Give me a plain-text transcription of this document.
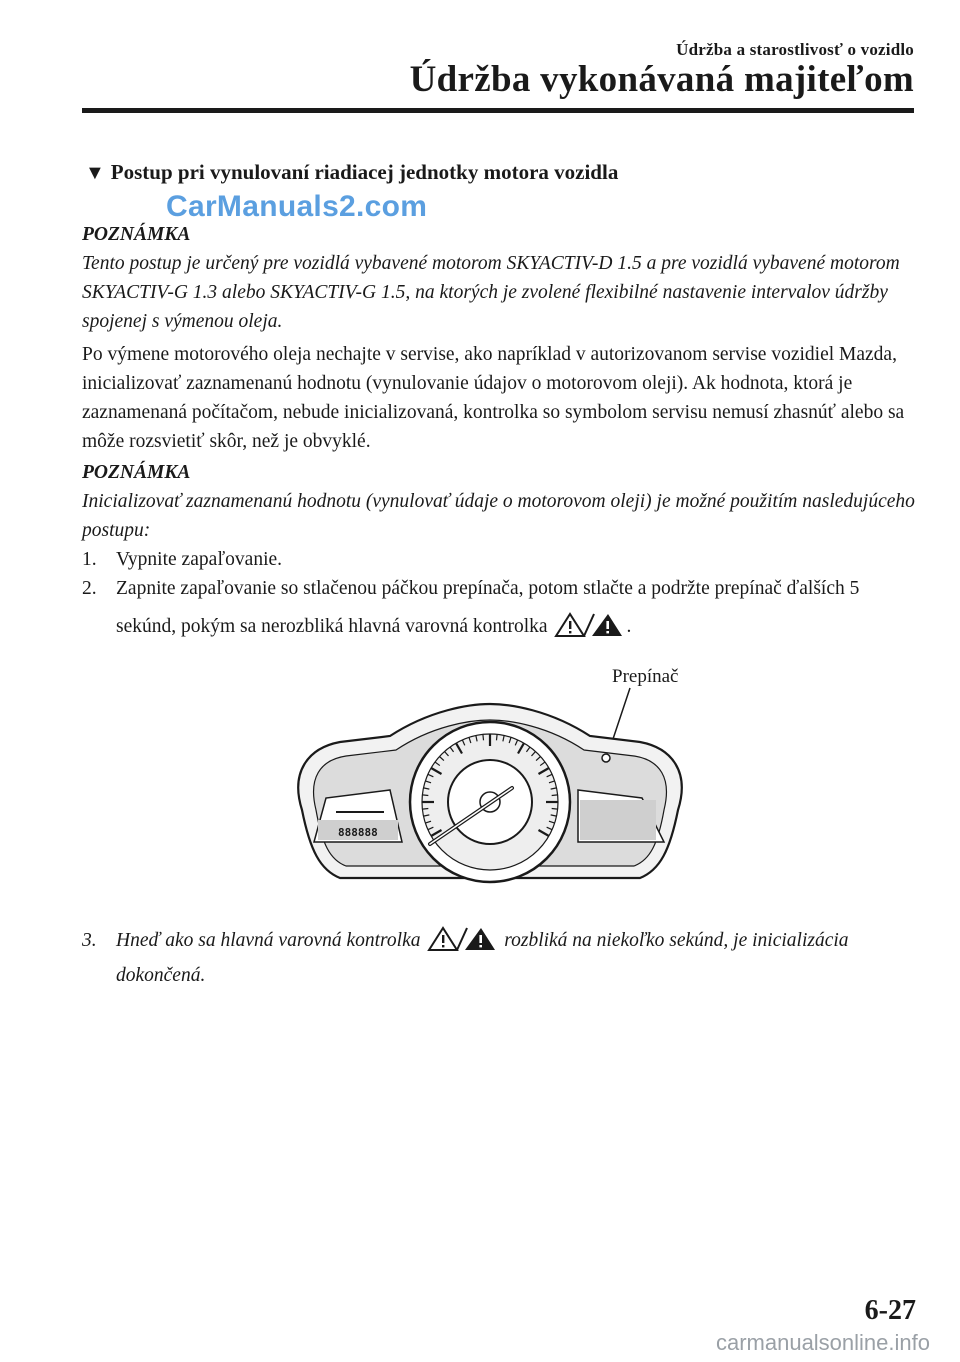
Údržba a starostlivosť o vozidlo
Údržba vykonávaná majiteľom
▼ Postup pri vynulovaní riadiacej jednotky motora vozidla
CarManuals2.com
POZNÁMKA
Tento postup je určený pre vozidlá vybavené motorom SKYACTIV-D 1.5 a pre vozidlá vybavené motorom SKYACTIV-G 1.3 alebo SKYACTIV-G 1.5, na ktorých je zvolené flexibilné nastavenie intervalov údržby spojenej s výmenou oleja.
Po výmene motorového oleja nechajte v servise, ako napríklad v autorizovanom servise vozidiel Mazda, inicializovať zaznamenanú hodnotu (vynulovanie údajov o motorovom oleji). Ak hodnota, ktorá je zaznamenaná počítačom, nebude inicializovaná, kontrolka so symbolom servisu nemusí zhasnúť alebo sa môže rozsvietiť skôr, než je obvyklé.
POZNÁMKA
Inicializovať zaznamenanú hodnotu (vynulovať údaje o motorovom oleji) je možné použitím nasledujúceho postupu:
1. Vypnite zapaľovanie.
2. Zapnite zapaľovanie so stlačenou páčkou prepínača, potom stlačte a podržte prepínač ďalších 5 sekúnd, pokým sa nerozbliká hlavná varovná kontrolka	.
Prepínač
888888
3. Hneď ako sa hlavná varovná kontrolka	rozbliká na niekoľko sekúnd, je inicializácia dokončená.
6-27
carmanualsonline.info
